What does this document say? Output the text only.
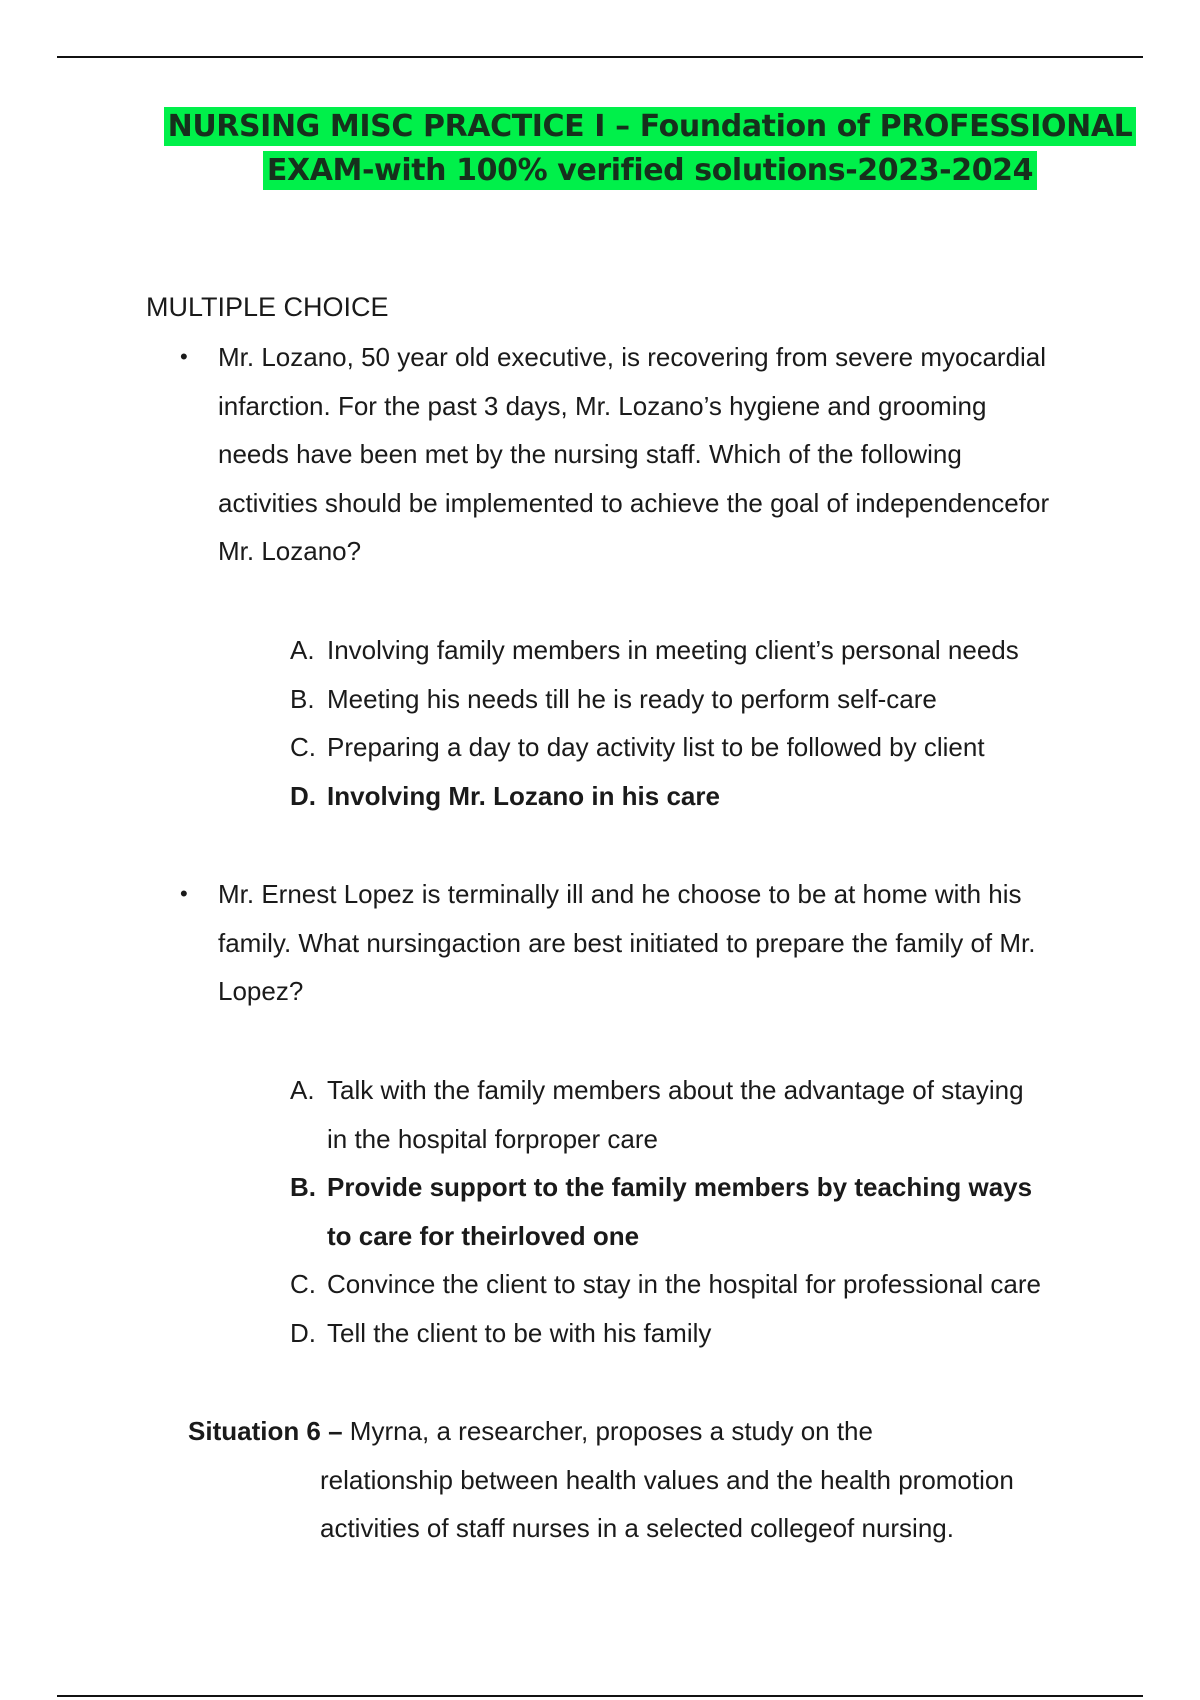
NURSING MISC PRACTICE I – Foundation of PROFESSIONAL
EXAM-with 100% verified solutions-2023-2024
MULTIPLE CHOICE
• Mr. Lozano, 50 year old executive, is recovering from severe myocardial
infarction. For the past 3 days, Mr. Lozano’s hygiene and grooming
needs have been met by the nursing staff. Which of the following
activities should be implemented to achieve the goal of independencefor
Mr. Lozano?
A. Involving family members in meeting client’s personal needs
B. Meeting his needs till he is ready to perform self-care
C. Preparing a day to day activity list to be followed by client
D. Involving Mr. Lozano in his care
• Mr. Ernest Lopez is terminally ill and he choose to be at home with his
family. What nursingaction are best initiated to prepare the family of Mr.
Lopez?
A. Talk with the family members about the advantage of staying
in the hospital forproper care
B. Provide support to the family members by teaching ways
to care for theirloved one
C. Convince the client to stay in the hospital for professional care
D. Tell the client to be with his family
Situation 6 – Myrna, a researcher, proposes a study on the
relationship between health values and the health promotion
activities of staff nurses in a selected collegeof nursing.
